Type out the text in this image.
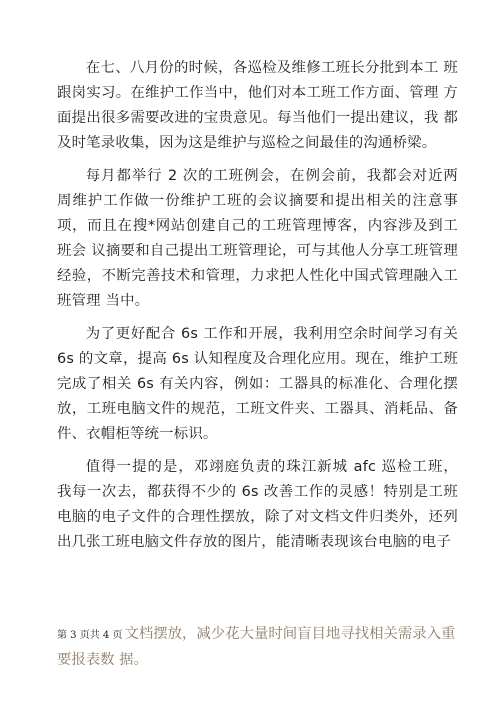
在七、八月份的时候，各巡检及维修工班长分批到本工 班跟岗实习。在维护工作当中，他们对本工班工作方面、管理 方面提出很多需要改进的宝贵意见。每当他们一提出建议，我 都及时笔录收集，因为这是维护与巡检之间最佳的沟通桥梁。

每月都举行 2 次的工班例会，在例会前，我都会对近两 周维护工作做一份维护工班的会议摘要和提出相关的注意事项，而且在搜*网站创建自己的工班管理博客，内容涉及到工班会 议摘要和自己提出工班管理论，可与其他人分享工班管理经验，不断完善技术和管理，力求把人性化中国式管理融入工班管理 当中。

为了更好配合 6s 工作和开展，我利用空余时间学习有关 6s 的文章，提高 6s 认知程度及合理化应用。现在，维护工班 完成了相关 6s 有关内容，例如：工器具的标准化、合理化摆 放，工班电脑文件的规范，工班文件夹、工器具、消耗品、备 件、衣帽柜等统一标识。

值得一提的是，邓翊庭负责的珠江新城 afc 巡检工班， 我每一次去，都获得不少的 6s 改善工作的灵感！特别是工班 电脑的电子文件的合理性摆放，除了对文档文件归类外，还列 出几张工班电脑文件存放的图片，能清晰表现该台电脑的电子

第 3 页共 4 页 文档摆放，减少花大量时间盲目地寻找相关需录入重要报表数 据。
